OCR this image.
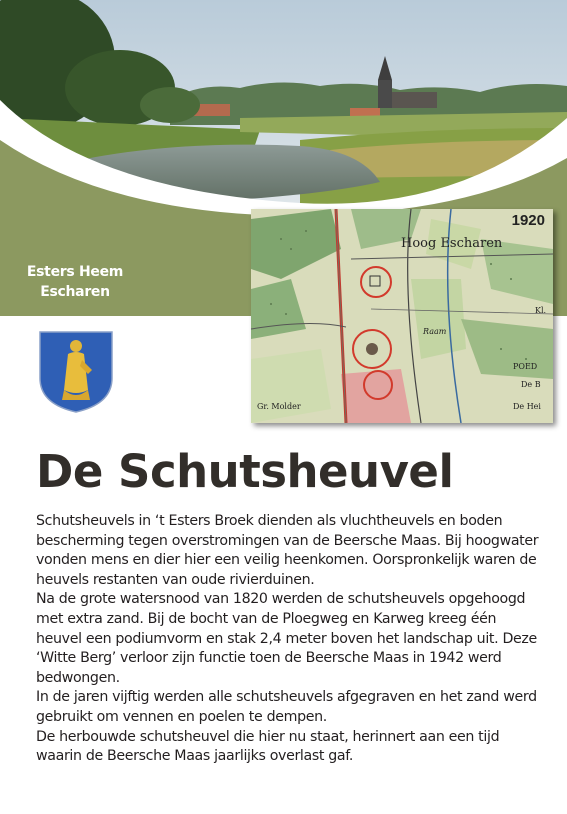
Esters Heem
Escharen
Hoog Escharen
Gr. Molder
Raam
POED
De B
De Hei
Kl.
1920
De Schutsheuvel

Schutsheuvels in ‘t Esters Broek dienden als vluchtheuvels en boden bescherming tegen overstromingen van de Beersche Maas. Bij hoogwater vonden mens en dier hier een veilig heenkomen. Oorspronkelijk waren de heuvels restanten van oude rivierduinen.

Na de grote watersnood van 1820 werden de schutsheuvels opgehoogd met extra zand. Bij de bocht van de Ploegweg en Karweg kreeg één heuvel een podiumvorm en stak 2,4 meter boven het landschap uit. Deze ‘Witte Berg’ verloor zijn functie toen de Beersche Maas in 1942 werd bedwongen.

In de jaren vijftig werden alle schutsheuvels afgegraven en het zand werd gebruikt om vennen en poelen te dempen.

De herbouwde schutsheuvel die hier nu staat, herinnert aan een tijd waarin de Beersche Maas jaarlijks overlast gaf.
